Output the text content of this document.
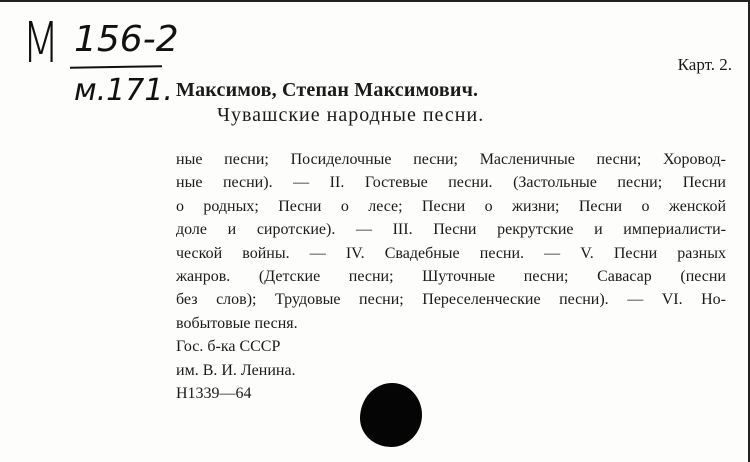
М 156-2
м.171.
Карт. 2.
Максимов, Степан Максимович.
Чувашские народные песни.
ные песни; Посиделочные песни; Масленичные песни; Хоровод-
ные песни). — II. Гостевые песни. (Застольные песни; Песни
о родных; Песни о лесе; Песни о жизни; Песни о женской
доле и сиротские). — III. Песни рекрутские и империалисти-
ческой войны. — IV. Свадебные песни. — V. Песни разных
жанров. (Детские песни; Шуточные песни; Савасар (песни
без слов); Трудовые песни; Переселенческие песни). — VI. Но-
вобытовые песня.
Гос. б-ка СССР
им. В. И. Ленина.
Н1339—64
